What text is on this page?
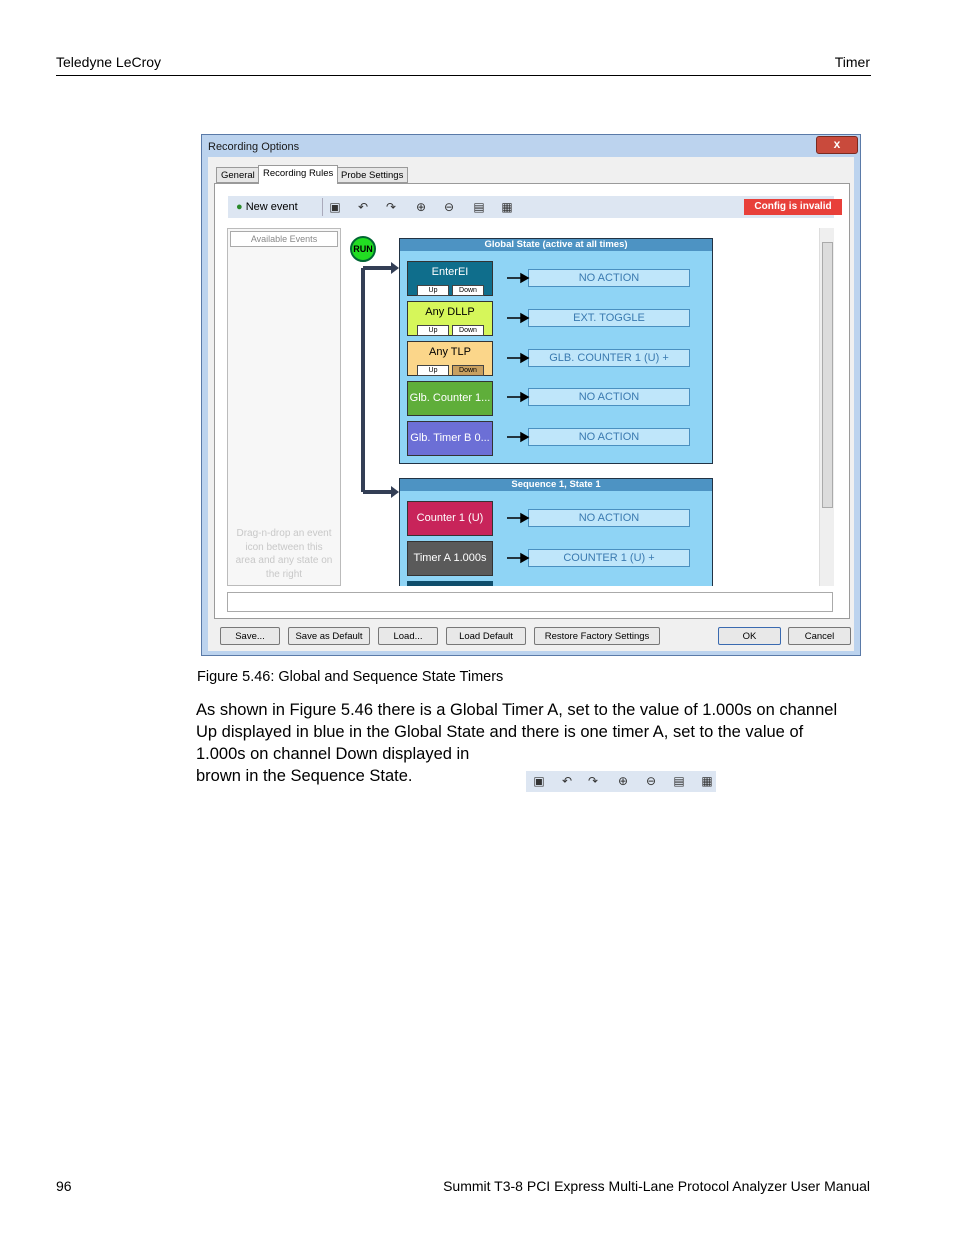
Teledyne LeCroy	Timer
Recording Options	x
General Recording Rules Probe Settings
● New event	▣	↶	↷	⊕	⊖	▤ ▦	Config is invalid
Available Events
Drag-n-drop an event icon between this area and any state on the right
RUN	Global State (active at all times)
EnterEI
Up	Down
NO ACTION
Any DLLP
Up	Down
EXT. TOGGLE
Any TLP
Up	Down
GLB. COUNTER 1 (U) +
Glb. Counter 1...	NO ACTION
Glb. Timer B 0...	NO ACTION
Sequence 1, State 1
Counter 1 (U)	NO ACTION
Timer A 1.000s	COUNTER 1 (U) +
Save...	Save as Default	Load...	Load Default	Restore Factory Settings	OK	Cancel
Figure 5.46: Global and Sequence State Timers
As shown in Figure 5.46 there is a Global Timer A, set to the value of 1.000s on channel
Up displayed in blue in the Global State and there is one timer A, set to the value of
1.000s on channel Down displayed in
brown in the Sequence State.	▣	↶	↷	⊕	⊖	▤ ▦
96	Summit T3-8 PCI Express Multi-Lane Protocol Analyzer User Manual
